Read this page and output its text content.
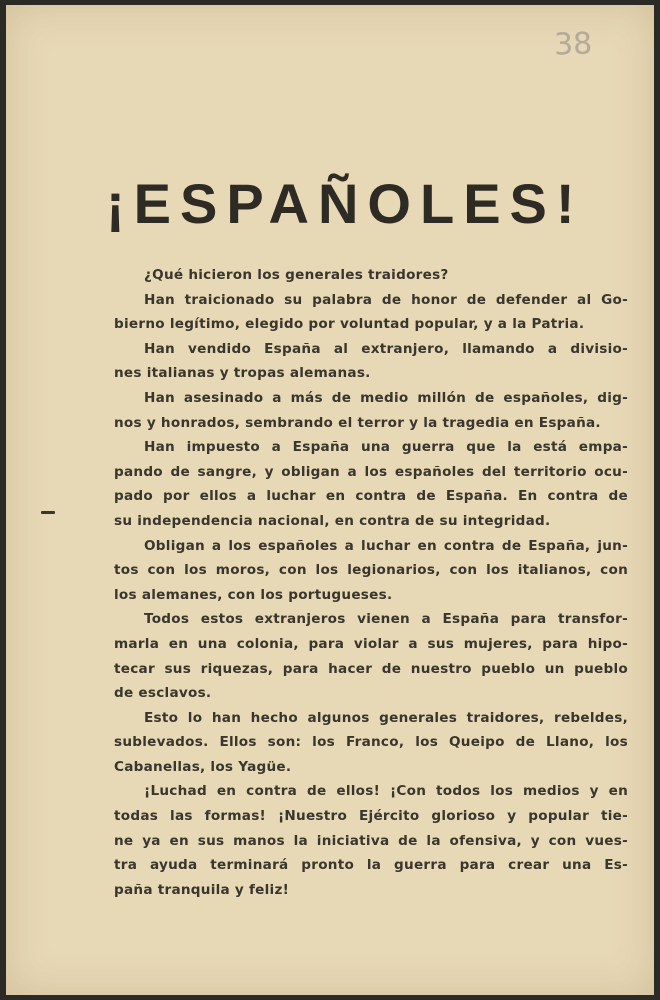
38
¡ESPAÑOLES!
¿Qué hicieron los generales traidores?
Han traicionado su palabra de honor de defender al Go-
bierno legítimo, elegido por voluntad popular, y a la Patria.
Han vendido España al extranjero, llamando a divisio-
nes italianas y tropas alemanas.
Han asesinado a más de medio millón de españoles, dig-
nos y honrados, sembrando el terror y la tragedia en España.
Han impuesto a España una guerra que la está empa-
pando de sangre, y obligan a los españoles del territorio ocu-
pado por ellos a luchar en contra de España. En contra de
su independencia nacional, en contra de su integridad.
Obligan a los españoles a luchar en contra de España, jun-
tos con los moros, con los legionarios, con los italianos, con
los alemanes, con los portugueses.
Todos estos extranjeros vienen a España para transfor-
marla en una colonia, para violar a sus mujeres, para hipo-
tecar sus riquezas, para hacer de nuestro pueblo un pueblo
de esclavos.
Esto lo han hecho algunos generales traidores, rebeldes,
sublevados. Ellos son: los Franco, los Queipo de Llano, los
Cabanellas, los Yagüe.
¡Luchad en contra de ellos! ¡Con todos los medios y en
todas las formas! ¡Nuestro Ejército glorioso y popular tie-
ne ya en sus manos la iniciativa de la ofensiva, y con vues-
tra ayuda terminará pronto la guerra para crear una Es-
paña tranquila y feliz!
